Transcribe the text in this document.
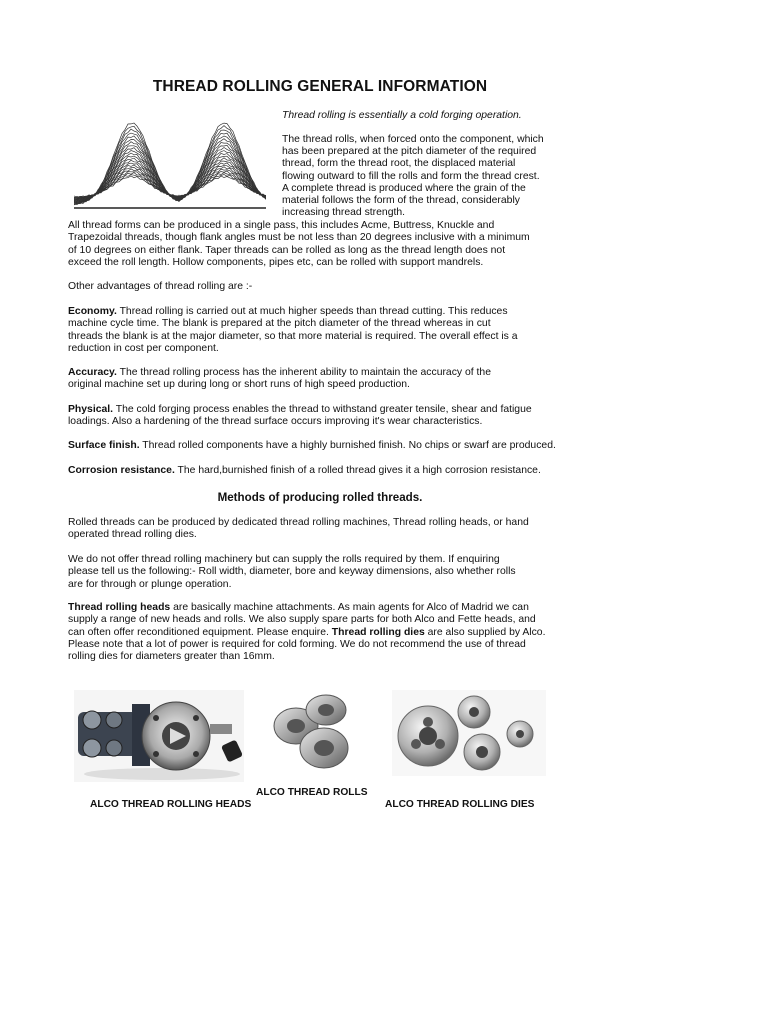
THREAD ROLLING GENERAL INFORMATION
Thread rolling is essentially a cold forging operation.
The thread rolls, when forced onto the component, which has been prepared at the pitch diameter of the required thread, form the thread root, the displaced material flowing outward to fill the rolls and form the thread crest. A complete thread is produced where the grain of the material follows the form of the thread, considerably increasing thread strength.
All thread forms can be produced in a single pass, this includes Acme, Buttress, Knuckle and Trapezoidal threads, though flank angles must be not less than 20 degrees inclusive with a minimum of 10 degrees on either flank. Taper threads can be rolled as long as the thread length does not exceed the roll length. Hollow components, pipes etc, can be rolled with support mandrels.
Other advantages of thread rolling are :-
Economy. Thread rolling is carried out at much higher speeds than thread cutting. This reduces machine cycle time. The blank is prepared at the pitch diameter of the thread whereas in cut threads the blank is at the major diameter, so that more material is required. The overall effect is a reduction in cost per component.
Accuracy. The thread rolling process has the inherent ability to maintain the accuracy of the original machine set up during long or short runs of high speed production.
Physical. The cold forging process enables the thread to withstand greater tensile, shear and fatigue loadings. Also a hardening of the thread surface occurs improving it's wear characteristics.
Surface finish. Thread rolled components have a highly burnished finish. No chips or swarf are produced.
Corrosion resistance. The hard,burnished finish of a rolled thread gives it a high corrosion resistance.
Methods of producing rolled threads.
Rolled threads can be produced by dedicated thread rolling machines, Thread rolling heads, or hand operated thread rolling dies.
We do not offer thread rolling machinery but can supply the rolls required by them. If enquiring please tell us the following:- Roll width, diameter, bore and keyway dimensions, also whether rolls are for through or plunge operation.
Thread rolling heads are basically machine attachments. As main agents for Alco of Madrid we can supply a range of new heads and rolls. We also supply spare parts for both Alco and Fette heads, and can often offer reconditioned equipment. Please enquire. Thread rolling dies are also supplied by Alco. Please note that a lot of power is required for cold forming. We do not recommend the use of thread rolling dies for diameters greater than 16mm.
ALCO THREAD ROLLS
ALCO THREAD ROLLING HEADS	ALCO THREAD ROLLING DIES
